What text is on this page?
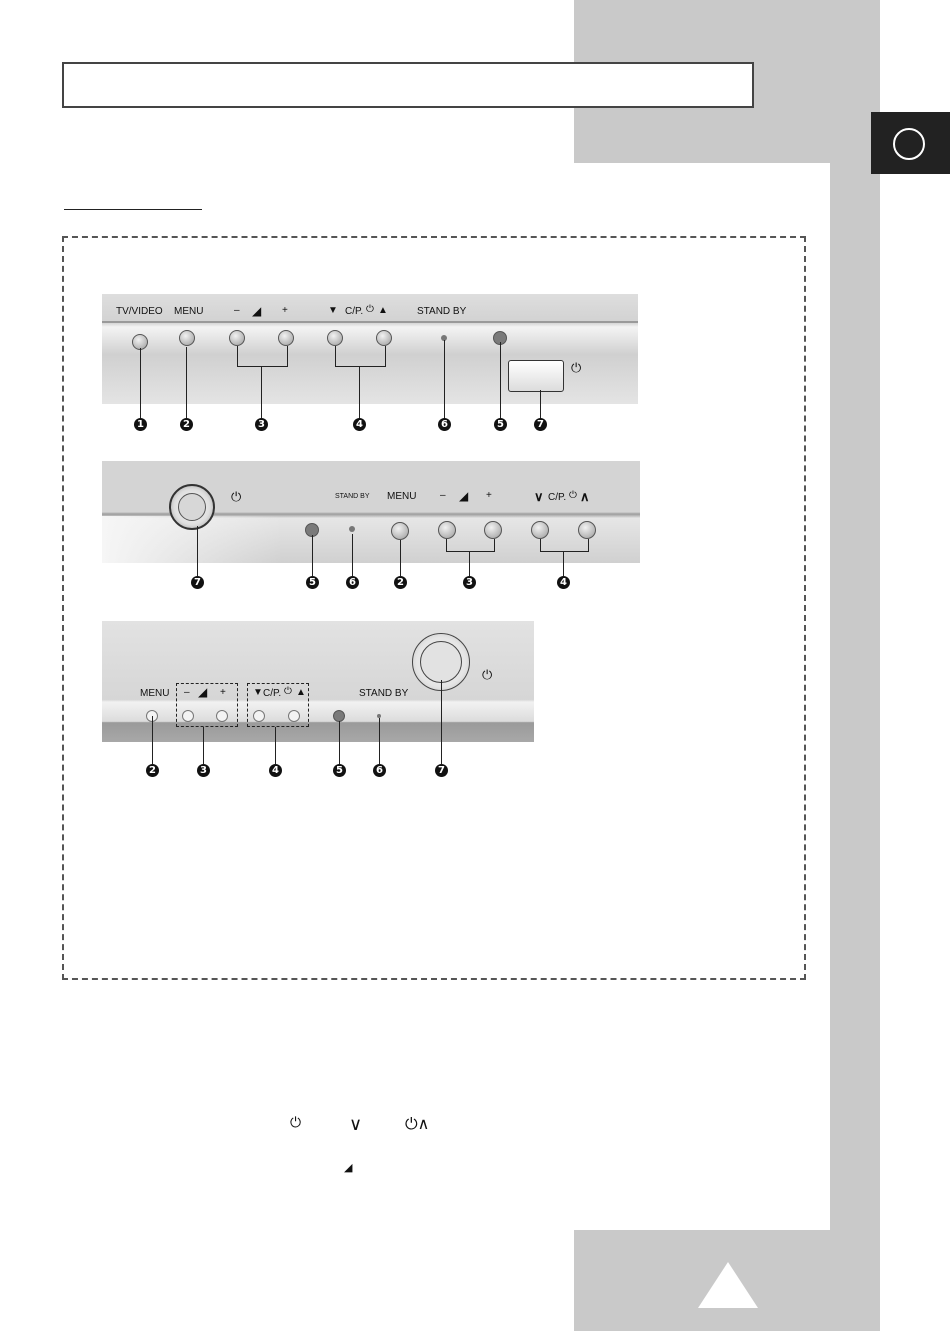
TV/VIDEO MENU	– ◢ +	▼ C/P. ⏻ ▲	STAND BY
⏻
1	2	3	4	6	5	7
⏻	STAND BY MENU – ◢ +	∨ C/P. ⏻ ∧
7	5	6	2	3	4
MENU – ◢ +	▼ C/P. ⏻ ▲	STAND BY
⏻
2	3	4	5	6	7
⏻	∨	⏻∧
◢
